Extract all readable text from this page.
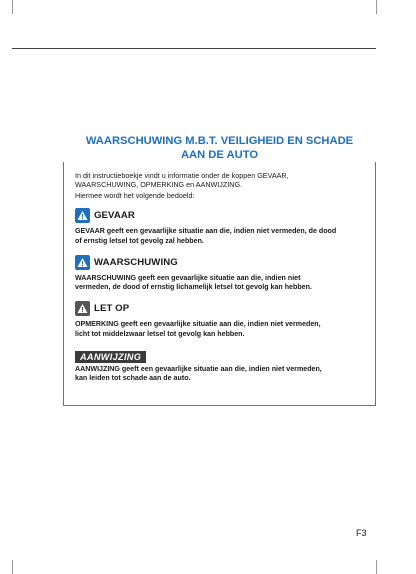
WAARSCHUWING M.B.T. VEILIGHEID EN SCHADE
AAN DE AUTO
In dit instructieboekje vindt u informatie onder de koppen GEVAAR,
WAARSCHUWING, OPMERKING en AANWIJZING.
Hiermee wordt het volgende bedoeld:
GEVAAR
GEVAAR geeft een gevaarlijke situatie aan die, indien niet vermeden, de dood
of ernstig letsel tot gevolg zal hebben.
WAARSCHUWING
WAARSCHUWING geeft een gevaarlijke situatie aan die, indien niet
vermeden, de dood of ernstig lichamelijk letsel tot gevolg kan hebben.
LET OP
OPMERKING geeft een gevaarlijke situatie aan die, indien niet vermeden,
licht tot middelzwaar letsel tot gevolg kan hebben.
AANWIJZING
AANWIJZING geeft een gevaarlijke situatie aan die, indien niet vermeden,
kan leiden tot schade aan de auto.
F3
